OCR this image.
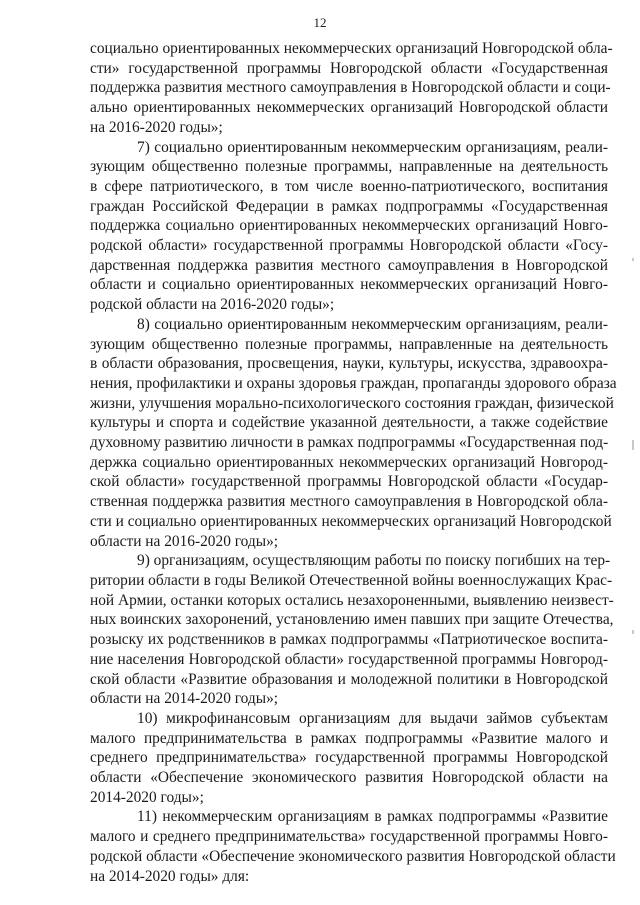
12
социально ориентированных некоммерческих организаций Новгородской обла-
сти» государственной программы Новгородской области «Государственная
поддержка развития местного самоуправления в Новгородской области и соци-
ально ориентированных некоммерческих организаций Новгородской области
на 2016-2020 годы»;
7) социально ориентированным некоммерческим организациям, реали-
зующим общественно полезные программы, направленные на деятельность
в сфере патриотического, в том числе военно-патриотического, воспитания
граждан Российской Федерации в рамках подпрограммы «Государственная
поддержка социально ориентированных некоммерческих организаций Новго-
родской области» государственной программы Новгородской области «Госу-
дарственная поддержка развития местного самоуправления в Новгородской
области и социально ориентированных некоммерческих организаций Новго-
родской области на 2016-2020 годы»;
8) социально ориентированным некоммерческим организациям, реали-
зующим общественно полезные программы, направленные на деятельность
в области образования, просвещения, науки, культуры, искусства, здравоохра-
нения, профилактики и охраны здоровья граждан, пропаганды здорового образа
жизни, улучшения морально-психологического состояния граждан, физической
культуры и спорта и содействие указанной деятельности, а также содействие
духовному развитию личности в рамках подпрограммы «Государственная под-
держка социально ориентированных некоммерческих организаций Новгород-
ской области» государственной программы Новгородской области «Государ-
ственная поддержка развития местного самоуправления в Новгородской обла-
сти и социально ориентированных некоммерческих организаций Новгородской
области на 2016-2020 годы»;
9) организациям, осуществляющим работы по поиску погибших на тер-
ритории области в годы Великой Отечественной войны военнослужащих Крас-
ной Армии, останки которых остались незахороненными, выявлению неизвест-
ных воинских захоронений, установлению имен павших при защите Отечества,
розыску их родственников в рамках подпрограммы «Патриотическое воспита-
ние населения Новгородской области» государственной программы Новгород-
ской области «Развитие образования и молодежной политики в Новгородской
области на 2014-2020 годы»;
10) микрофинансовым организациям для выдачи займов субъектам
малого предпринимательства в рамках подпрограммы «Развитие малого и
среднего предпринимательства» государственной программы Новгородской
области «Обеспечение экономического развития Новгородской области на
2014-2020 годы»;
11) некоммерческим организациям в рамках подпрограммы «Развитие
малого и среднего предпринимательства» государственной программы Новго-
родской области «Обеспечение экономического развития Новгородской области
на 2014-2020 годы» для:
